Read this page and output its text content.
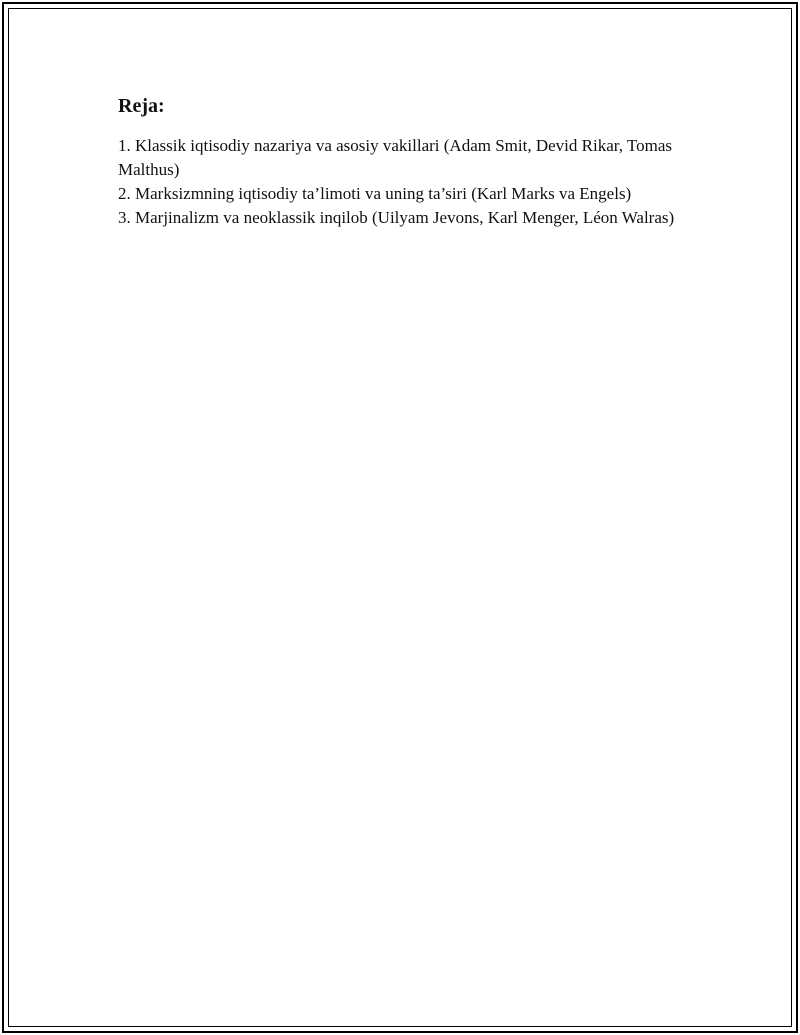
Reja:
1. Klassik iqtisodiy nazariya va asosiy vakillari (Adam Smit, Devid Rikar, Tomas Malthus)
2. Marksizmning iqtisodiy ta’limoti va uning ta’siri (Karl Marks va Engels)
3. Marjinalizm va neoklassik inqilob (Uilyam Jevons, Karl Menger, Léon Walras)
